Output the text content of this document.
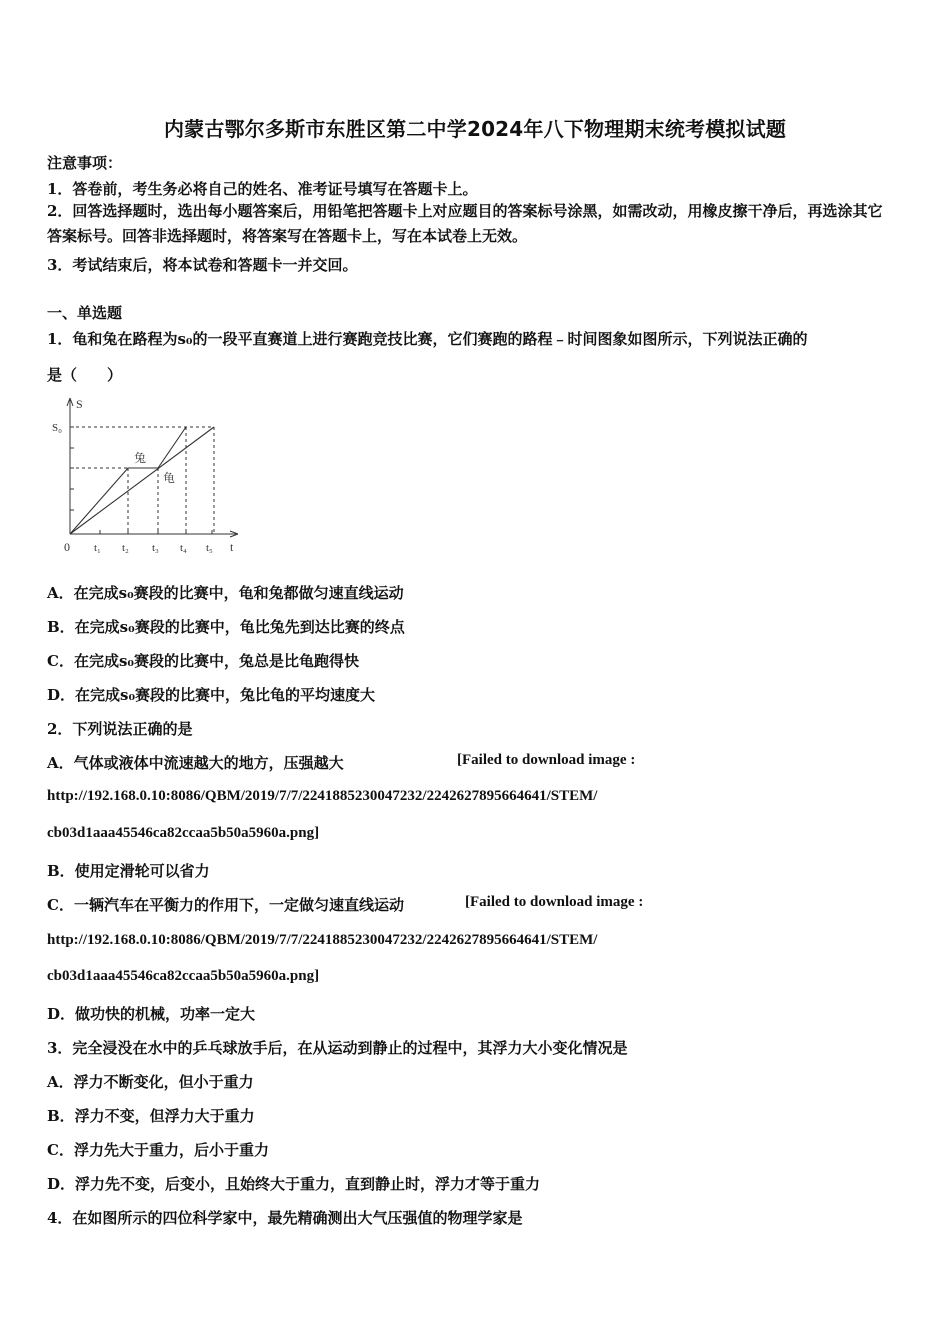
内蒙古鄂尔多斯市东胜区第二中学2024年八下物理期末统考模拟试题
注意事项：
1．答卷前，考生务必将自己的姓名、准考证号填写在答题卡上。
2．回答选择题时，选出每小题答案后，用铅笔把答题卡上对应题目的答案标号涂黑，如需改动，用橡皮擦干净后，再选涂其它答案标号。回答非选择题时，将答案写在答题卡上，写在本试卷上无效。
3．考试结束后，将本试卷和答题卡一并交回。
一、单选题
1．龟和兔在路程为s₀的一段平直赛道上进行赛跑竞技比赛，它们赛跑的路程﹣时间图象如图所示，下列说法正确的
是（　　）
S
S₀
兔
龟
0 t₁ t₂ t₃ t₄ t₅ t
A．在完成s₀赛段的比赛中，龟和兔都做匀速直线运动
B．在完成s₀赛段的比赛中，龟比兔先到达比赛的终点
C．在完成s₀赛段的比赛中，兔总是比龟跑得快
D．在完成s₀赛段的比赛中，兔比龟的平均速度大
2．下列说法正确的是
A．气体或液体中流速越大的地方，压强越大	[Failed to download image :
http://192.168.0.10:8086/QBM/2019/7/7/2241885230047232/2242627895664641/STEM/
cb03d1aaa45546ca82ccaa5b50a5960a.png]
B．使用定滑轮可以省力
C．一辆汽车在平衡力的作用下，一定做匀速直线运动	[Failed to download image :
http://192.168.0.10:8086/QBM/2019/7/7/2241885230047232/2242627895664641/STEM/
cb03d1aaa45546ca82ccaa5b50a5960a.png]
D．做功快的机械，功率一定大
3．完全浸没在水中的乒乓球放手后，在从运动到静止的过程中，其浮力大小变化情况是
A．浮力不断变化，但小于重力
B．浮力不变，但浮力大于重力
C．浮力先大于重力，后小于重力
D．浮力先不变，后变小，且始终大于重力，直到静止时，浮力才等于重力
4．在如图所示的四位科学家中，最先精确测出大气压强值的物理学家是
